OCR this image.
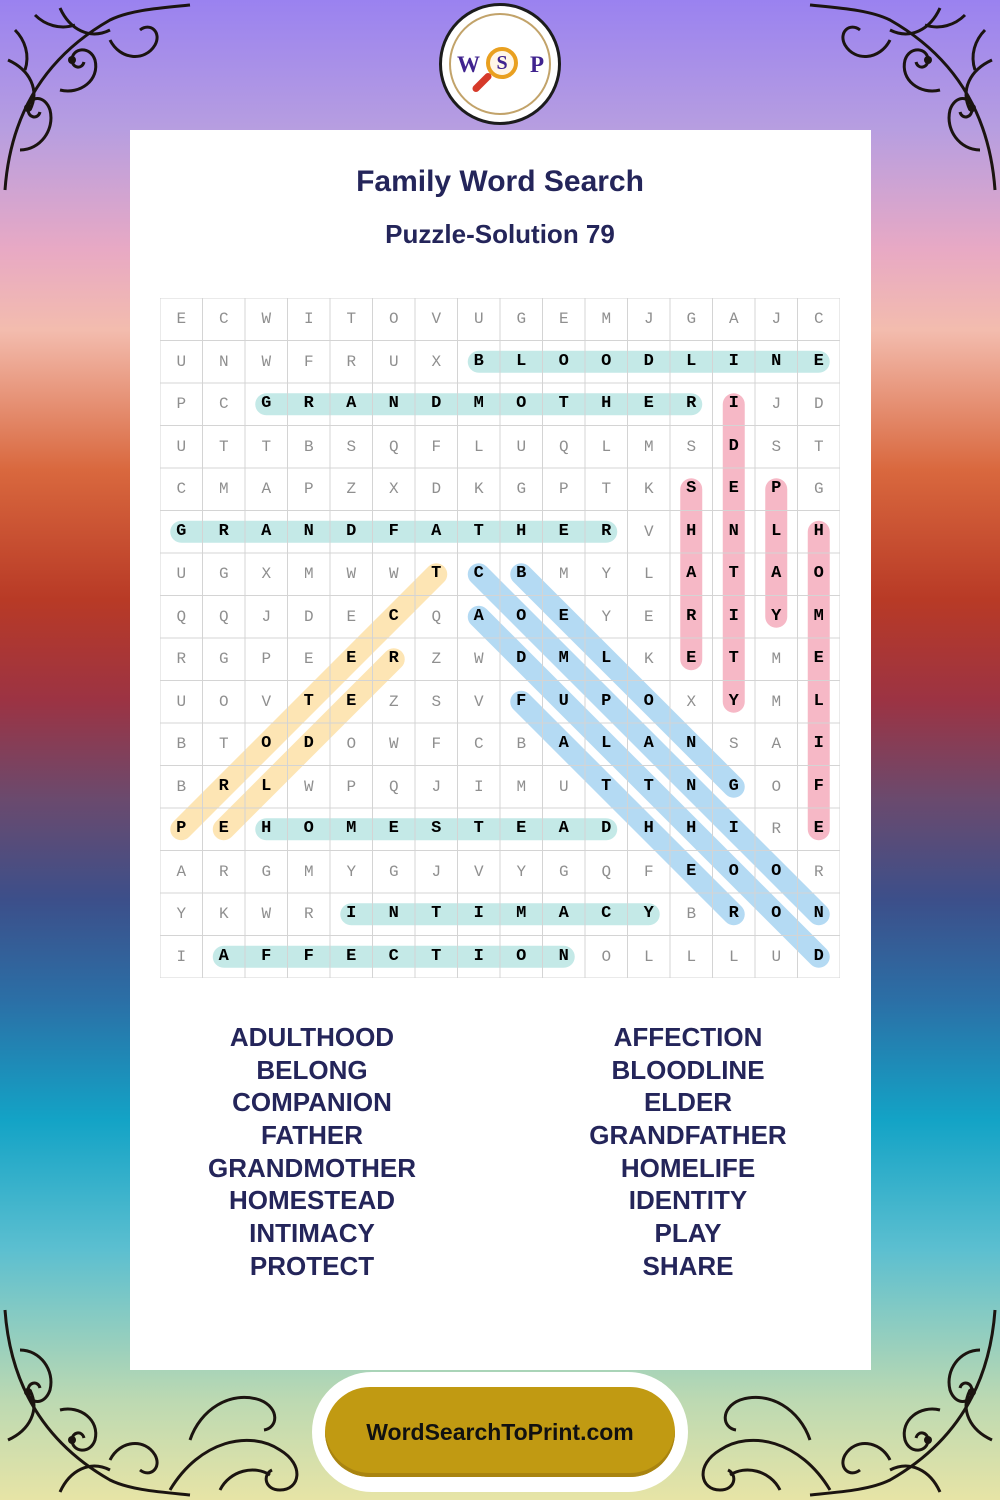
W S P
Family Word Search
Puzzle-Solution 79
E	C	W	I	T	O	V	U	G	E	M	J	G	A	J	C
U	N	W	F	R	U	X	B	L	O	O	D	L	I	N	E
P	C	G	R	A	N	D	M	O	T	H	E	R	I	J	D
U	T	T	B	S	Q	F	L	U	Q	L	M	S	D	S	T
C	M	A	P	Z	X	D	K	G	P	T	K	S	E	P	G
G	R	A	N	D	F	A	T	H	E	R	V	H	N	L	H
U	G	X	M	W	W	T	C	B	M	Y	L	A	T	A	O
Q	Q	J	D	E	C	Q	A	O	E	Y	E	R	I	Y	M
R	G	P	E	E	R	Z	W	D	M	L	K	E	T	M	E
U	O	V	T	E	Z	S	V	F	U	P	O	X	Y	M	L
B	T	O	D	O	W	F	C	B	A	L	A	N	S	A	I
B	R	L	W	P	Q	J	I	M	U	T	T	N	G	O	F
P	E	H	O	M	E	S	T	E	A	D	H	H	I	R	E
A	R	G	M	Y	G	J	V	Y	G	Q	F	E	O	O	R
Y	K	W	R	I	N	T	I	M	A	C	Y	B	R	O	N
I	A	F	F	E	C	T	I	O	N	O	L	L	L	U	D
ADULTHOOD
BELONG
COMPANION
FATHER
GRANDMOTHER
HOMESTEAD
INTIMACY
PROTECT
AFFECTION
BLOODLINE
ELDER
GRANDFATHER
HOMELIFE
IDENTITY
PLAY
SHARE
WordSearchToPrint.com
